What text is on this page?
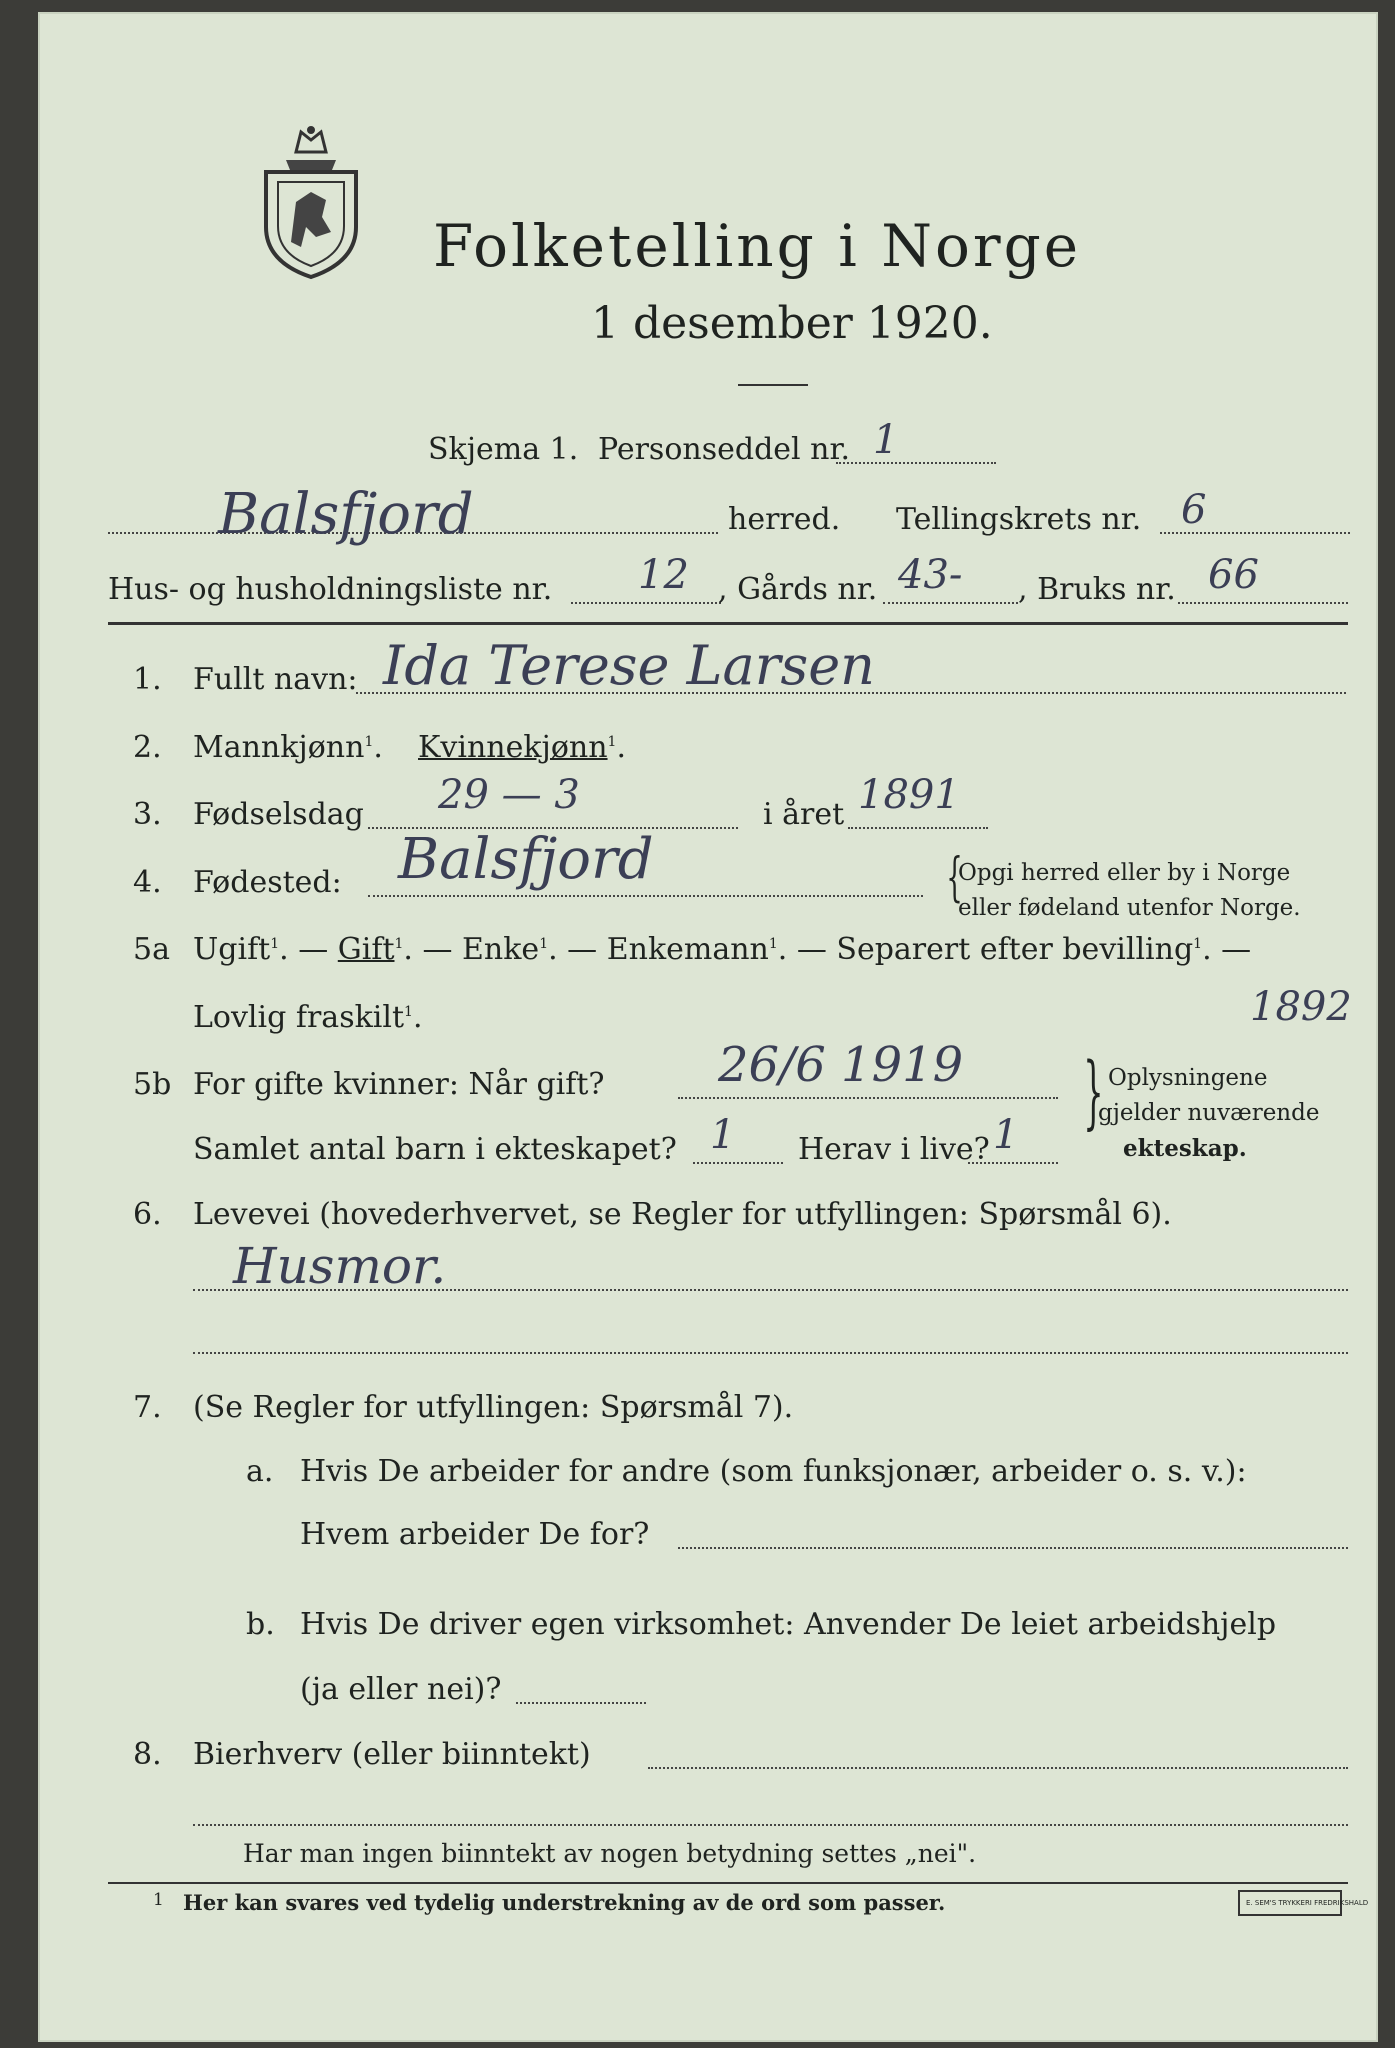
Folketelling i Norge
1 desember 1920.
Skjema 1. Personseddel nr. 1
Balsfjord	herred. Tellingskrets nr. 6
Hus- og husholdningsliste nr. 12 , Gårds nr. 43- , Bruks nr. 66
1. Fullt navn: Ida Terese Larsen
2. Mannkjønn$^1$. Kvinnekjønn$^1$.
3. Fødselsdag 29 — 3	i året 1891
4. Fødested: Balsfjord	{
Opgi herred eller by i Norge
eller fødeland utenfor Norge.
5a Ugift$^1$. — Gift$^1$. — Enke$^1$. — Enkemann$^1$. — Separert efter bevilling$^1$. —
Lovlig fraskilt$^1$.	1892
5b For gifte kvinner: Når gift? 26/6 1919
Samlet antal barn i ekteskapet? 1 Herav i live? 1 } Oplysningene
gjelder nuværende
ekteskap.
6. Levevei (hovederhvervet, se Regler for utfyllingen: Spørsmål 6).
Husmor.
7. (Se Regler for utfyllingen: Spørsmål 7).
a. Hvis De arbeider for andre (som funksjonær, arbeider o. s. v.):
Hvem arbeider De for?
b. Hvis De driver egen virksomhet: Anvender De leiet arbeidshjelp
(ja eller nei)?
8. Bierhverv (eller biinntekt)
Har man ingen biinntekt av nogen betydning settes „nei".
1 Her kan svares ved tydelig understrekning av de ord som passer.	E. SEM'S TRYKKERI FREDRIKSHALD
